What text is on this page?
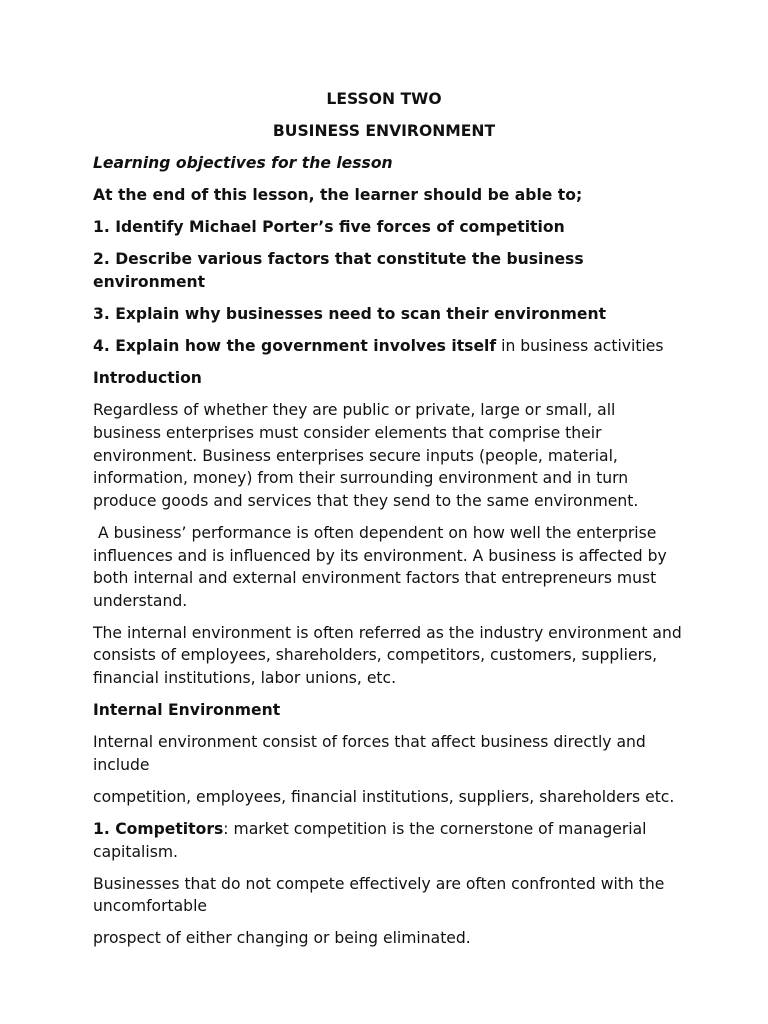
LESSON TWO

BUSINESS ENVIRONMENT

Learning objectives for the lesson

At the end of this lesson, the learner should be able to;

1. Identify Michael Porter’s five forces of competition

2. Describe various factors that constitute the business environment

3. Explain why businesses need to scan their environment

4. Explain how the government involves itself in business activities

Introduction

Regardless of whether they are public or private, large or small, all business enterprises must consider elements that comprise their environment. Business enterprises secure inputs (people, material, information, money) from their surrounding environment and in turn produce goods and services that they send to the same environment.

A business’ performance is often dependent on how well the enterprise influences and is influenced by its environment. A business is affected by both internal and external environment factors that entrepreneurs must understand.

The internal environment is often referred as the industry environment and consists of employees, shareholders, competitors, customers, suppliers, financial institutions, labor unions, etc.

Internal Environment

Internal environment consist of forces that affect business directly and include

competition, employees, financial institutions, suppliers, shareholders etc.

1. Competitors: market competition is the cornerstone of managerial capitalism.

Businesses that do not compete effectively are often confronted with the uncomfortable

prospect of either changing or being eliminated.
